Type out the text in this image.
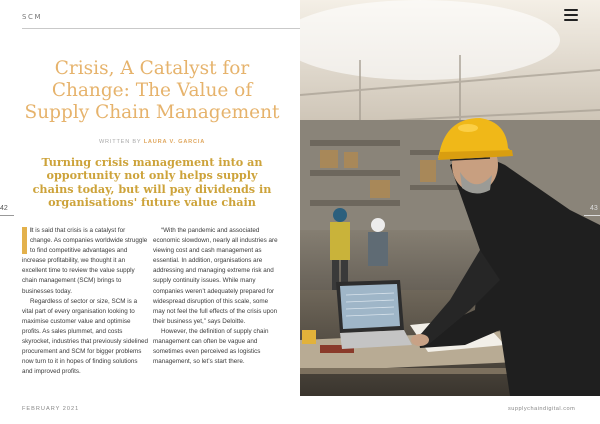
SCM
Crisis, A Catalyst for Change: The Value of Supply Chain Management
WRITTEN BY LAURA V. GARCIA
Turning crisis management into an opportunity not only helps supply chains today, but will pay dividends in organisations' future value chain
42

It is said that crisis is a catalyst for change. As companies worldwide struggle to find competitive advantages and increase profitability, we thought it an excellent time to review the value supply chain management (SCM) brings to businesses today.

Regardless of sector or size, SCM is a vital part of every organisation looking to maximise customer value and optimise profits. As sales plummet, and costs skyrocket, industries that previously sidelined procurement and SCM for bigger problems now turn to it in hopes of finding solutions and improved profits.

“With the pandemic and associated economic slowdown, nearly all industries are viewing cost and cash management as essential. In addition, organisations are addressing and managing extreme risk and supply continuity issues. While many companies weren’t adequately prepared for widespread disruption of this scale, some may not feel the full effects of the crisis upon their business yet,” says Deloitte.

However, the definition of supply chain management can often be vague and sometimes even perceived as logistics management, so let’s start there.

FEBRUARY 2021	supplychaindigital.com
43
